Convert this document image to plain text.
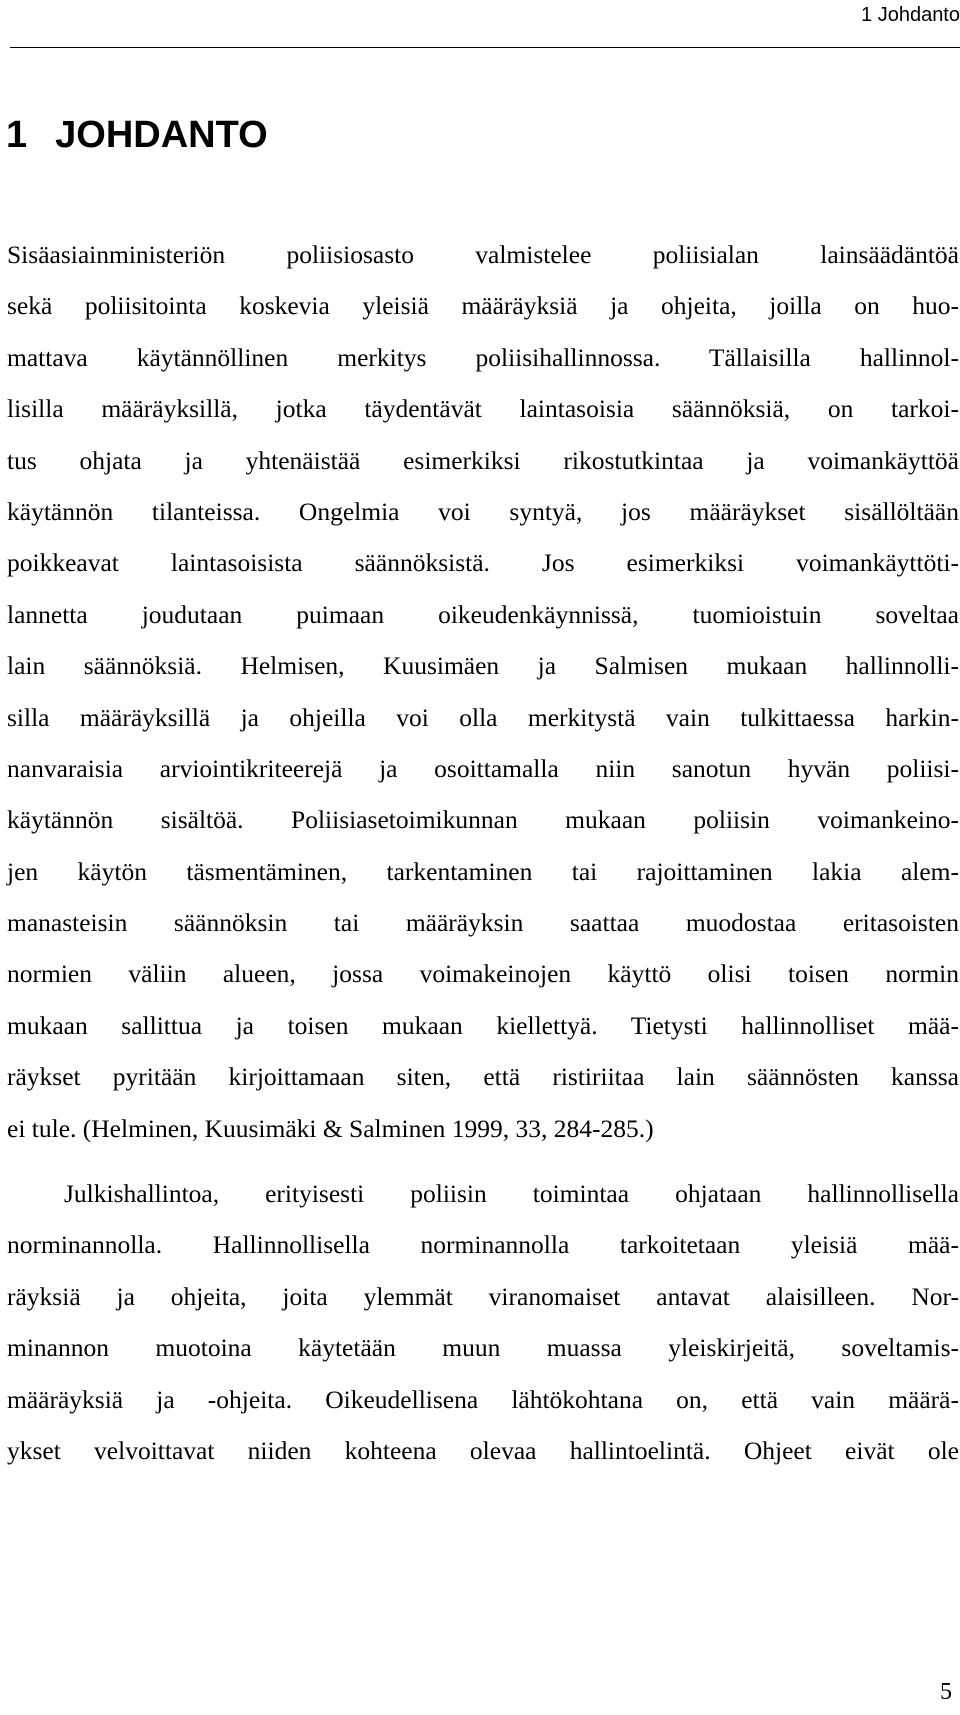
1 Johdanto
1 JOHDANTO
Sisäasiainministeriön poliisiosasto valmistelee poliisialan lainsäädäntöä
sekä poliisitointa koskevia yleisiä määräyksiä ja ohjeita, joilla on huo-
mattava käytännöllinen merkitys poliisihallinnossa. Tällaisilla hallinnol-
lisilla määräyksillä, jotka täydentävät laintasoisia säännöksiä, on tarkoi-
tus ohjata ja yhtenäistää esimerkiksi rikostutkintaa ja voimankäyttöä
käytännön tilanteissa. Ongelmia voi syntyä, jos määräykset sisällöltään
poikkeavat laintasoisista säännöksistä. Jos esimerkiksi voimankäyttöti-
lannetta joudutaan puimaan oikeudenkäynnissä, tuomioistuin soveltaa
lain säännöksiä. Helmisen, Kuusimäen ja Salmisen mukaan hallinnolli-
silla määräyksillä ja ohjeilla voi olla merkitystä vain tulkittaessa harkin-
nanvaraisia arviointikriteerejä ja osoittamalla niin sanotun hyvän poliisi-
käytännön sisältöä. Poliisiasetoimikunnan mukaan poliisin voimankeino-
jen käytön täsmentäminen, tarkentaminen tai rajoittaminen lakia alem-
manasteisin säännöksin tai määräyksin saattaa muodostaa eritasoisten
normien väliin alueen, jossa voimakeinojen käyttö olisi toisen normin
mukaan sallittua ja toisen mukaan kiellettyä. Tietysti hallinnolliset mää-
räykset pyritään kirjoittamaan siten, että ristiriitaa lain säännösten kanssa
ei tule. (Helminen, Kuusimäki & Salminen 1999, 33, 284-285.)
Julkishallintoa, erityisesti poliisin toimintaa ohjataan hallinnollisella
norminannolla. Hallinnollisella norminannolla tarkoitetaan yleisiä mää-
räyksiä ja ohjeita, joita ylemmät viranomaiset antavat alaisilleen. Nor-
minannon muotoina käytetään muun muassa yleiskirjeitä, soveltamis-
määräyksiä ja -ohjeita. Oikeudellisena lähtökohtana on, että vain määrä-
ykset velvoittavat niiden kohteena olevaa hallintoelintä. Ohjeet eivät ole
5
